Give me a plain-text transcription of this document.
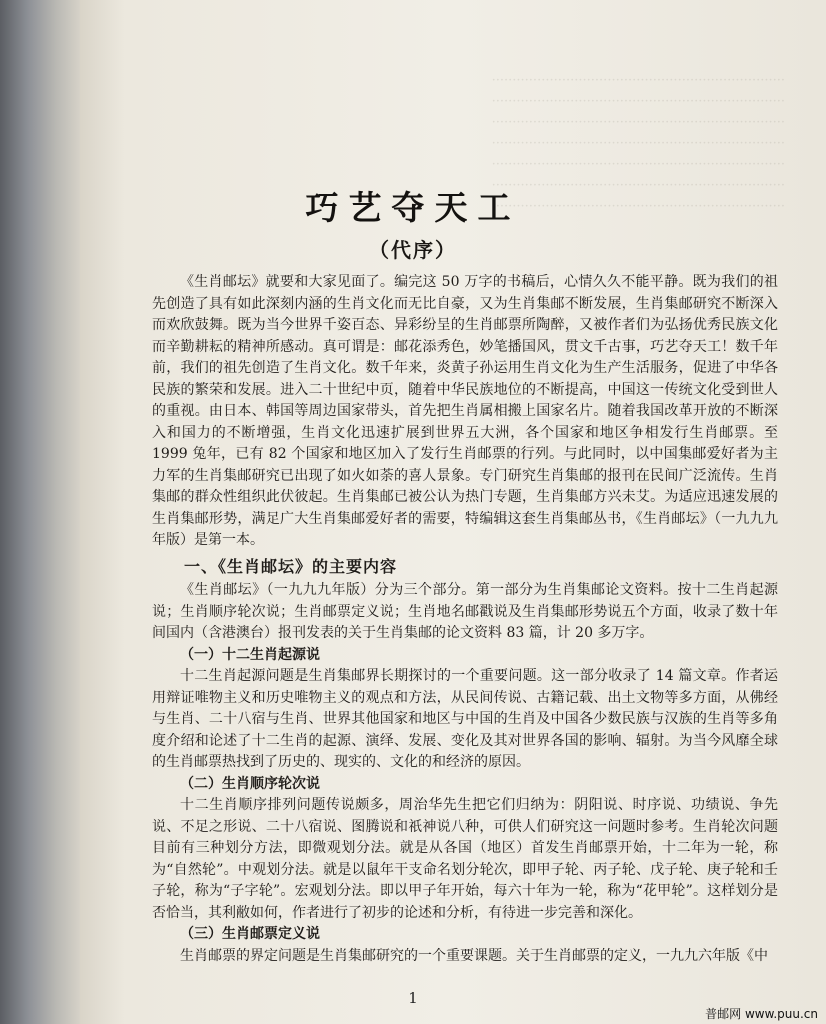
·······································································
·······································································
·······································································
·······································································
·······································································
·······································································
·······································································
巧艺夺天工
（代序）

《生肖邮坛》就要和大家见面了。编完这 50 万字的书稿后，心情久久不能平静。既为我们的祖先创造了具有如此深刻内涵的生肖文化而无比自豪，又为生肖集邮不断发展，生肖集邮研究不断深入而欢欣鼓舞。既为当今世界千姿百态、异彩纷呈的生肖邮票所陶醉，又被作者们为弘扬优秀民族文化而辛勤耕耘的精神所感动。真可谓是：邮花添秀色，妙笔播国风，贯文千古事，巧艺夺天工！数千年前，我们的祖先创造了生肖文化。数千年来，炎黄子孙运用生肖文化为生产生活服务，促进了中华各民族的繁荣和发展。进入二十世纪中页，随着中华民族地位的不断提高，中国这一传统文化受到世人的重视。由日本、韩国等周边国家带头，首先把生肖属相搬上国家名片。随着我国改革开放的不断深入和国力的不断增强，生肖文化迅速扩展到世界五大洲，各个国家和地区争相发行生肖邮票。至 1999 兔年，已有 82 个国家和地区加入了发行生肖邮票的行列。与此同时，以中国集邮爱好者为主力军的生肖集邮研究已出现了如火如荼的喜人景象。专门研究生肖集邮的报刊在民间广泛流传。生肖集邮的群众性组织此伏彼起。生肖集邮已被公认为热门专题，生肖集邮方兴未艾。为适应迅速发展的生肖集邮形势，满足广大生肖集邮爱好者的需要，特编辑这套生肖集邮丛书，《生肖邮坛》（一九九九年版）是第一本。

一、《生肖邮坛》的主要内容

《生肖邮坛》（一九九九年版）分为三个部分。第一部分为生肖集邮论文资料。按十二生肖起源说；生肖顺序轮次说；生肖邮票定义说；生肖地名邮戳说及生肖集邮形势说五个方面，收录了数十年间国内（含港澳台）报刊发表的关于生肖集邮的论文资料 83 篇，计 20 多万字。

（一）十二生肖起源说

十二生肖起源问题是生肖集邮界长期探讨的一个重要问题。这一部分收录了 14 篇文章。作者运用辩证唯物主义和历史唯物主义的观点和方法，从民间传说、古籍记载、出土文物等多方面，从佛经与生肖、二十八宿与生肖、世界其他国家和地区与中国的生肖及中国各少数民族与汉族的生肖等多角度介绍和论述了十二生肖的起源、演绎、发展、变化及其对世界各国的影响、辐射。为当今风靡全球的生肖邮票热找到了历史的、现实的、文化的和经济的原因。

（二）生肖顺序轮次说

十二生肖顺序排列问题传说颇多，周治华先生把它们归纳为：阴阳说、时序说、功绩说、争先说、不足之形说、二十八宿说、图腾说和祇神说八种，可供人们研究这一问题时参考。生肖轮次问题目前有三种划分方法，即微观划分法。就是从各国（地区）首发生肖邮票开始，十二年为一轮，称为“自然轮”。中观划分法。就是以鼠年干支命名划分轮次，即甲子轮、丙子轮、戊子轮、庚子轮和壬子轮，称为“子字轮”。宏观划分法。即以甲子年开始，每六十年为一轮，称为“花甲轮”。这样划分是否恰当，其利敝如何，作者进行了初步的论述和分析，有待进一步完善和深化。

（三）生肖邮票定义说

生肖邮票的界定问题是生肖集邮研究的一个重要课题。关于生肖邮票的定义，一九九六年版《中

1
普邮网 www.puu.cn
